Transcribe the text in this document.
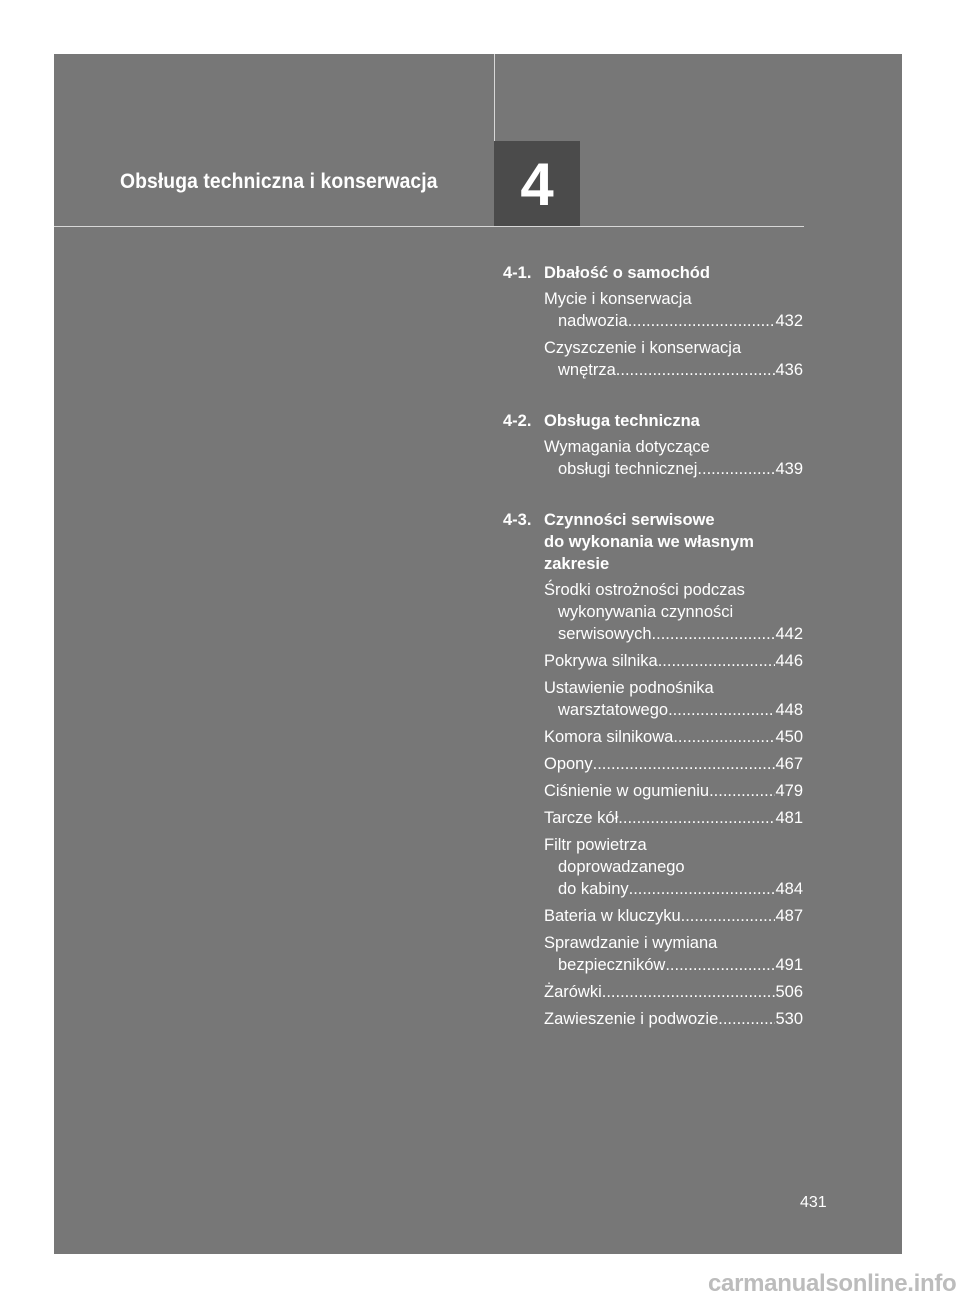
Obsługa techniczna i konserwacja 4
4-1. Dbałość o samochód
Mycie i konserwacja
nadwozia .....	432
Czyszczenie i konserwacja
wnętrza .....	436
4-2. Obsługa techniczna
Wymagania dotyczące
obsługi technicznej .....	439
4-3. Czynności serwisowe
do wykonania we własnym
zakresie
Środki ostrożności podczas
wykonywania czynności
serwisowych .....	442
Pokrywa silnika .....	446
Ustawienie podnośnika
warsztatowego .....	448
Komora silnikowa .....	450
Opony .....	467
Ciśnienie w ogumieniu .....	479
Tarcze kół .....	481
Filtr powietrza
doprowadzanego
do kabiny .....	484
Bateria w kluczyku .....	487
Sprawdzanie i wymiana
bezpieczników .....	491
Żarówki .....	506
Zawieszenie i podwozie .....	530
431
carmanualsonline.info
